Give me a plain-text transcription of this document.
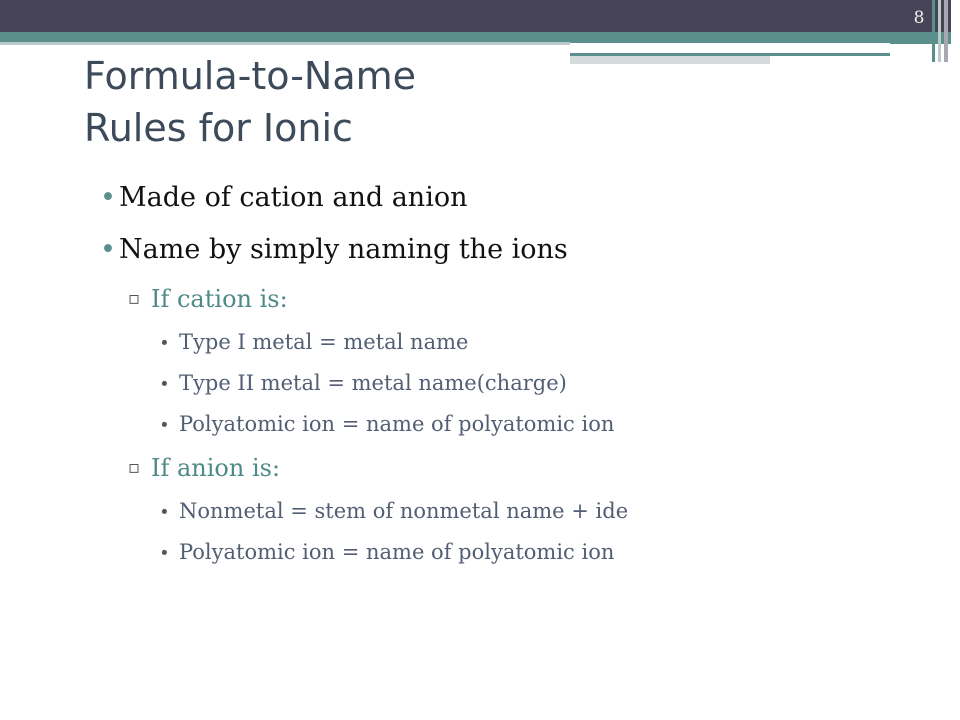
8
Formula-to-Name
Rules for Ionic
• Made of cation and anion
• Name by simply naming the ions
▫ If cation is:
∙ Type I metal = metal name
∙ Type II metal = metal name(charge)
∙ Polyatomic ion = name of polyatomic ion
▫ If anion is:
∙ Nonmetal = stem of nonmetal name + ide
∙ Polyatomic ion = name of polyatomic ion
